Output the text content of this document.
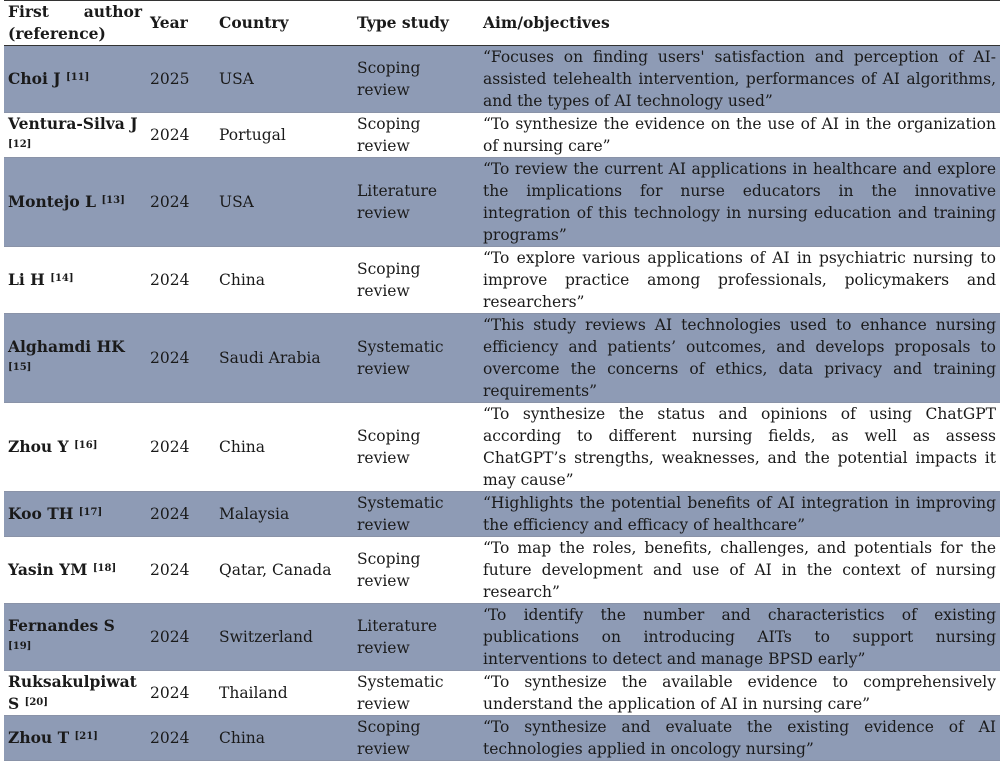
First author (reference)	Year	Country	Type study	Aim/objectives
Choi J [11]	2025	USA	Scoping review	“Focuses on finding users' satisfaction and perception of AI-assisted telehealth intervention, performances of AI algorithms, and the types of AI technology used”
Ventura-Silva J [12]	2024	Portugal	Scoping review	“To synthesize the evidence on the use of AI in the organization of nursing care”
Montejo L [13]	2024	USA	Literature review	“To review the current AI applications in healthcare and explore the implications for nurse educators in the innovative integration of this technology in nursing education and training programs”
Li H [14]	2024	China	Scoping review	“To explore various applications of AI in psychiatric nursing to improve practice among professionals, policymakers and researchers”
Alghamdi HK [15]	2024	Saudi Arabia	Systematic review	“This study reviews AI technologies used to enhance nursing efficiency and patients’ outcomes, and develops proposals to overcome the concerns of ethics, data privacy and training requirements”
Zhou Y [16]	2024	China	Scoping review	“To synthesize the status and opinions of using ChatGPT according to different nursing fields, as well as assess ChatGPT’s strengths, weaknesses, and the potential impacts it may cause”
Koo TH [17]	2024	Malaysia	Systematic review	“Highlights the potential benefits of AI integration in improving the efficiency and efficacy of healthcare”
Yasin YM [18]	2024	Qatar, Canada	Scoping review	“To map the roles, benefits, challenges, and potentials for the future development and use of AI in the context of nursing research”
Fernandes S [19]	2024	Switzerland	Literature review	‘To identify the number and characteristics of existing publications on introducing AITs to support nursing interventions to detect and manage BPSD early”
Ruksakulpiwat S [20]	2024	Thailand	Systematic review	“To synthesize the available evidence to comprehensively understand the application of AI in nursing care”
Zhou T [21]	2024	China	Scoping review	“To synthesize and evaluate the existing evidence of AI technologies applied in oncology nursing”
